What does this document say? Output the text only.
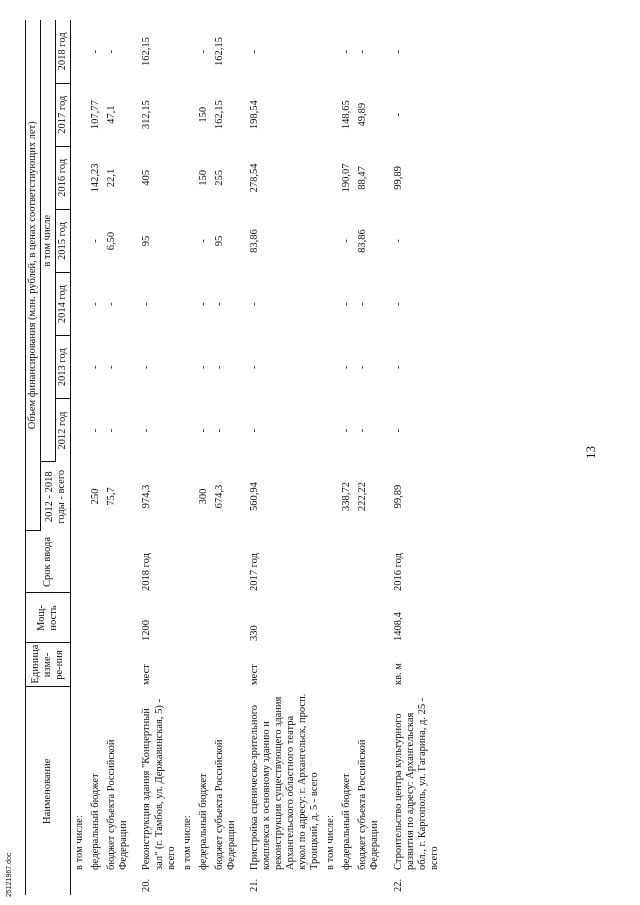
25121967.doc
13
Наименование	Единица изме-ре-ния	Мощ-ность	Срок ввода	Объем финансирования (млн. рублей, в ценах соответствующих лет)							
				2012 - 2018 годы - всего	в том числе						
					2012 год	2013 год	2014 год	2015 год	2016 год	2017 год	2018 год

в том числе:											

федеральный бюджет				250	-	-	-	-	142,23	107,77	-

бюджет субъекта Российской Федерации				75,7	-	-	-	6,50	22,1	47,1	-

20.
Реконструкция здания "Концертный зал" (г. Тамбов, ул. Державинская, 5) - всего	мест	1200	2018 год	974,3	-	-	-	95	405	312,15	162,15

в том числе:											

федеральный бюджет				300	-	-	-	-	150	150	-

бюджет субъекта Российской Федерации				674,3	-	-	-	95	255	162,15	162,15

21.
Пристройка сценическо-зрительного комплекса к основному зданию и реконструкция существующего здания Архангельского областного театра кукол по адресу: г. Архангельск, просп. Троицкий, д. 5 - всего	мест	330	2017 год	560,94	-	-	-	83,86	278,54	198,54	-

в том числе:											

федеральный бюджет				338,72	-	-	-	-	190,07	148,65	-

бюджет субъекта Российской Федерации				222,22	-	-	-	83,86	88,47	49,89	-

22.
Строительство центра культурного развития по адресу: Архангельская обл., г. Каргополь, ул. Гагарина, д. 25 - всего	кв. м	1408,4	2016 год	99,89	-	-	-	-	99,89	-	-
